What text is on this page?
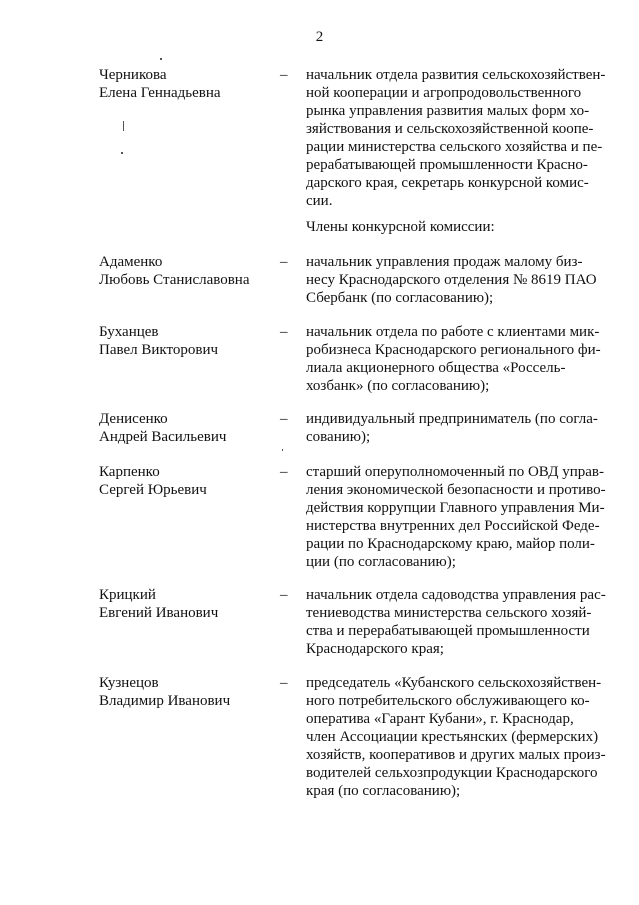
2
Черникова
Елена Геннадьевна
– начальник отдела развития сельскохозяйствен-
ной кооперации и агропродовольственного
рынка управления развития малых форм хо-
зяйствования и сельскохозяйственной коопе-
рации министерства сельского хозяйства и пе-
рерабатывающей промышленности Красно-
дарского края, секретарь конкурсной комис-
сии.
Члены конкурсной комиссии:
Адаменко
Любовь Станиславовна
– начальник управления продаж малому биз-
несу Краснодарского отделения № 8619 ПАО
Сбербанк (по согласованию);
Буханцев
Павел Викторович
– начальник отдела по работе с клиентами мик-
робизнеса Краснодарского регионального фи-
лиала акционерного общества «Россель-
хозбанк» (по согласованию);
Денисенко
Андрей Васильевич
– индивидуальный предприниматель (по согла-
сованию);
Карпенко
Сергей Юрьевич
– старший оперуполномоченный по ОВД управ-
ления экономической безопасности и противо-
действия коррупции Главного управления Ми-
нистерства внутренних дел Российской Феде-
рации по Краснодарскому краю, майор поли-
ции (по согласованию);
Крицкий
Евгений Иванович
– начальник отдела садоводства управления рас-
тениеводства министерства сельского хозяй-
ства и перерабатывающей промышленности
Краснодарского края;
Кузнецов
Владимир Иванович
– председатель «Кубанского сельскохозяйствен-
ного потребительского обслуживающего ко-
оператива «Гарант Кубани», г. Краснодар,
член Ассоциации крестьянских (фермерских)
хозяйств, кооперативов и других малых произ-
водителей сельхозпродукции Краснодарского
края (по согласованию);
